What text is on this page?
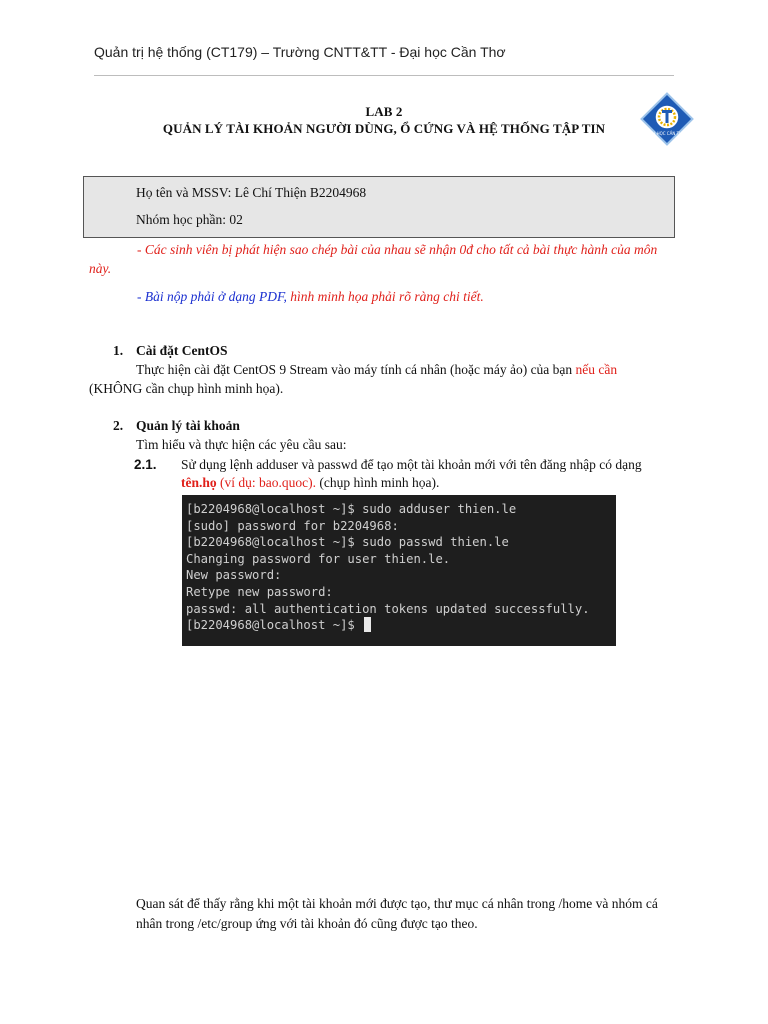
Quản trị hệ thống (CT179) – Trường CNTT&TT - Đại học Cần Thơ
LAB 2
QUẢN LÝ TÀI KHOẢN NGƯỜI DÙNG, Ổ CỨNG VÀ HỆ THỐNG TẬP TIN	ĐẠI HỌC CẦN THƠ
Họ tên và MSSV: Lê Chí Thiện B2204968
Nhóm học phần: 02
- Các sinh viên bị phát hiện sao chép bài của nhau sẽ nhận 0đ cho tất cả bài thực hành của môn
này.
- Bài nộp phải ở dạng PDF, hình minh họa phải rõ ràng chi tiết.
1. Cài đặt CentOS
Thực hiện cài đặt CentOS 9 Stream vào máy tính cá nhân (hoặc máy ảo) của bạn nếu cần
(KHÔNG cần chụp hình minh họa).
2. Quản lý tài khoản
Tìm hiểu và thực hiện các yêu cầu sau:
2.1. Sử dụng lệnh adduser và passwd để tạo một tài khoản mới với tên đăng nhập có dạng
tên.họ (ví dụ: bao.quoc). (chụp hình minh họa).
[b2204968@localhost ~]$ sudo adduser thien.le
[sudo] password for b2204968:
[b2204968@localhost ~]$ sudo passwd thien.le
Changing password for user thien.le.
New password:
Retype new password:
passwd: all authentication tokens updated successfully.
[b2204968@localhost ~]$
Quan sát để thấy rằng khi một tài khoản mới được tạo, thư mục cá nhân trong /home và nhóm cá
nhân trong /etc/group ứng với tài khoản đó cũng được tạo theo.
